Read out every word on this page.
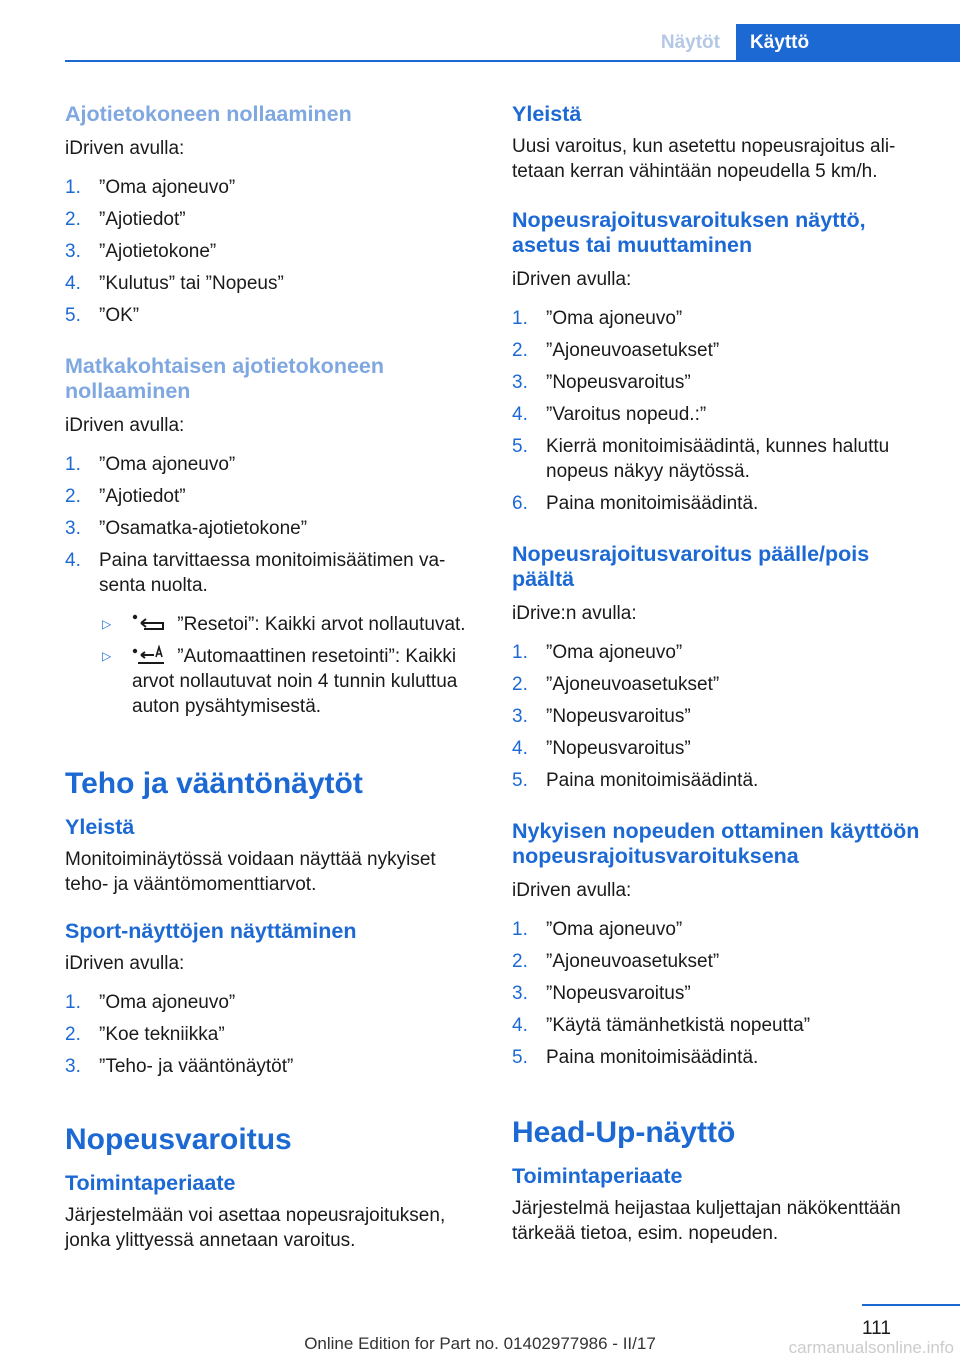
Näytöt	Käyttö
Ajotietokoneen nollaaminen

iDriven avulla:

1. ”Oma ajoneuvo”
2. ”Ajotiedot”
3. ”Ajotietokone”
4. ”Kulutus” tai ”Nopeus”
5. ”OK”
Matkakohtaisen ajotietokoneen nollaaminen

iDriven avulla:

1. ”Oma ajoneuvo”
2. ”Ajotiedot”
3. ”Osamatka-ajotietokone”
4. Paina tarvittaessa monitoimisäätimen vasenta nuolta.
▷	”Resetoi”: Kaikki arvot nollautuvat.
▷	”Automaattinen resetointi”: Kaikki arvot nollautuvat noin 4 tunnin kuluttua auton pysähtymisestä.
Teho ja vääntönäytöt
Yleistä

Monitoiminäytössä voidaan näyttää nykyiset teho- ja vääntömomenttiarvot.

Sport-näyttöjen näyttäminen

iDriven avulla:

1. ”Oma ajoneuvo”
2. ”Koe tekniikka”
3. ”Teho- ja vääntönäytöt”
Nopeusvaroitus
Toimintaperiaate

Järjestelmään voi asettaa nopeusrajoituksen, jonka ylittyessä annetaan varoitus.

Yleistä

Uusi varoitus, kun asetettu nopeusrajoitus alitetaan kerran vähintään nopeudella 5 km/h.

Nopeusrajoitusvaroituksen näyttö, asetus tai muuttaminen

iDriven avulla:

1. ”Oma ajoneuvo”
2. ”Ajoneuvoasetukset”
3. ”Nopeusvaroitus”
4. ”Varoitus nopeud.:”
5. Kierrä monitoimisäädintä, kunnes haluttu nopeus näkyy näytössä.
6. Paina monitoimisäädintä.
Nopeusrajoitusvaroitus päälle/pois päältä

iDrive:n avulla:

1. ”Oma ajoneuvo”
2. ”Ajoneuvoasetukset”
3. ”Nopeusvaroitus”
4. ”Nopeusvaroitus”
5. Paina monitoimisäädintä.
Nykyisen nopeuden ottaminen käyttöön nopeusrajoitusvaroituksena

iDriven avulla:

1. ”Oma ajoneuvo”
2. ”Ajoneuvoasetukset”
3. ”Nopeusvaroitus”
4. ”Käytä tämänhetkistä nopeutta”
5. Paina monitoimisäädintä.
Head-Up-näyttö
Toimintaperiaate

Järjestelmä heijastaa kuljettajan näkökenttään tärkeää tietoa, esim. nopeuden.

111
Online Edition for Part no. 01402977986 - II/17	carmanualsonline.info
